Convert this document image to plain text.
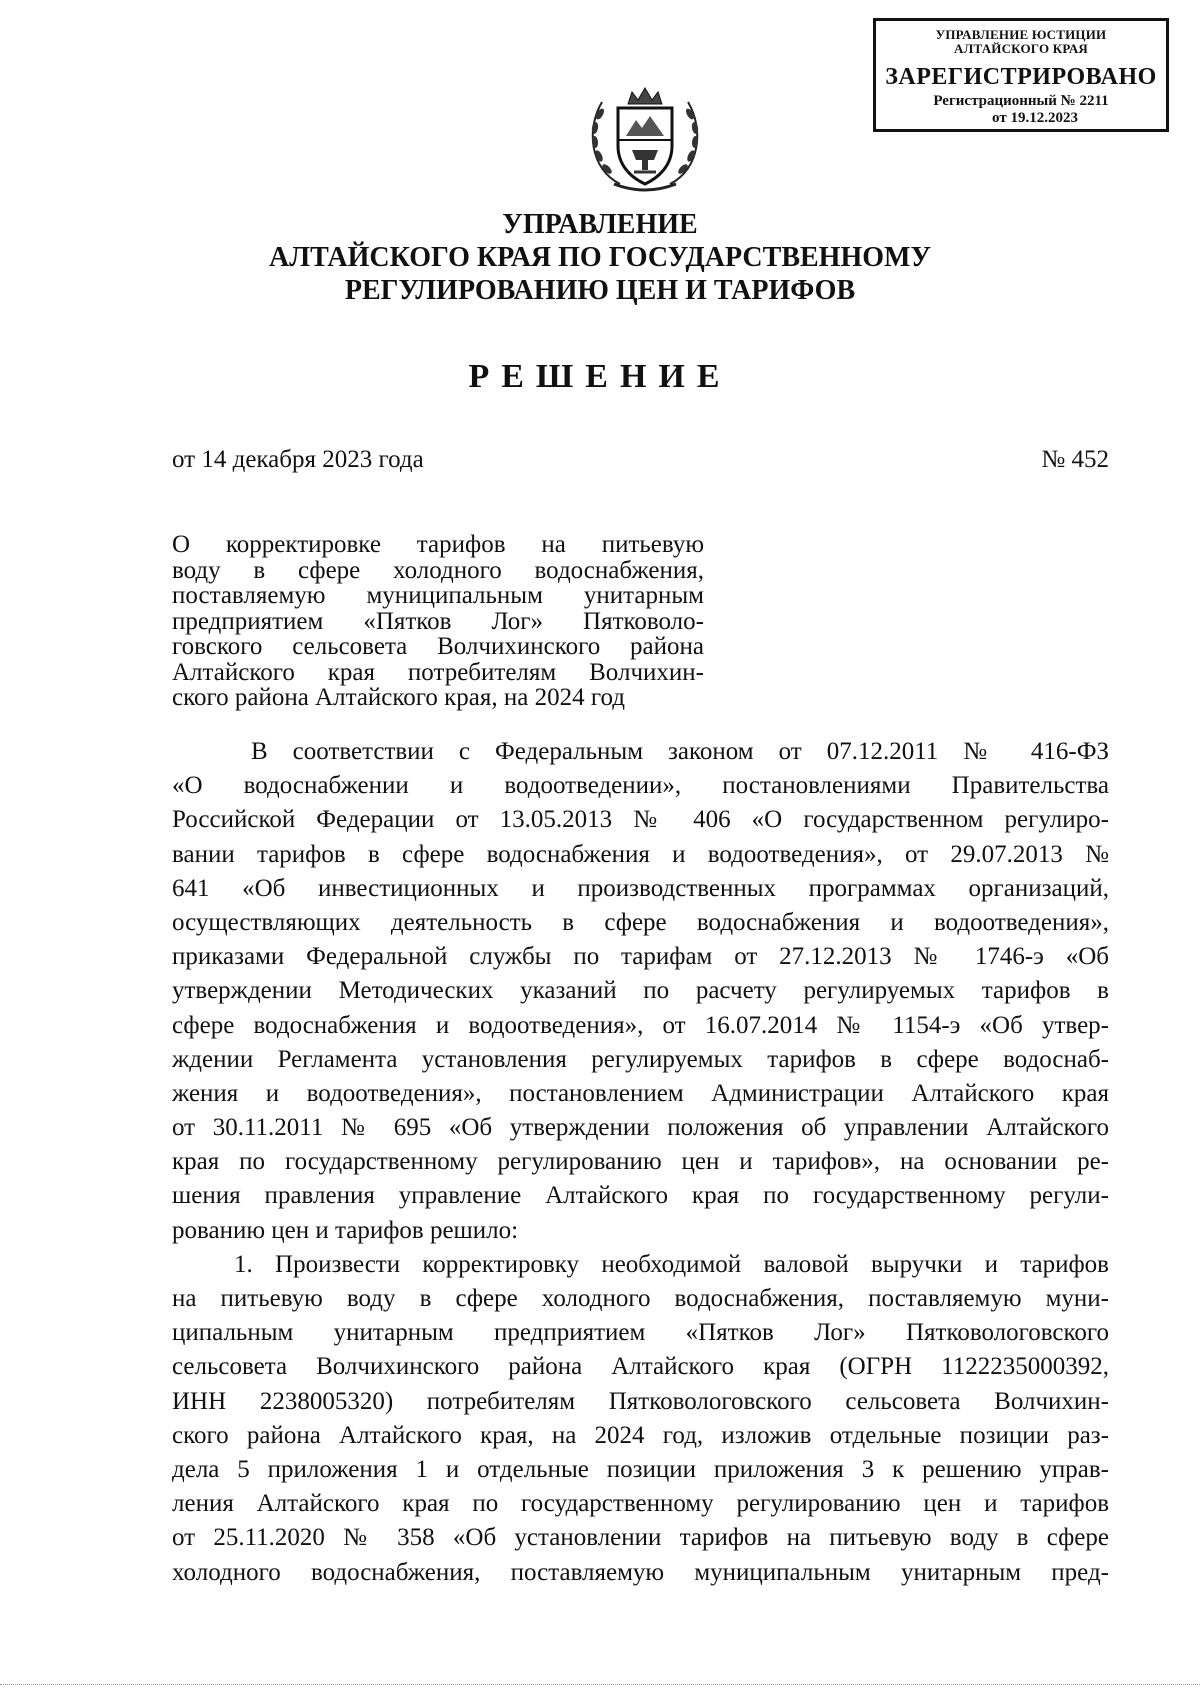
УПРАВЛЕНИЕ ЮСТИЦИИ
АЛТАЙСКОГО КРАЯ
ЗАРЕГИСТРИРОВАНО
Регистрационный № 2211
от 19.12.2023
УПРАВЛЕНИЕ
АЛТАЙСКОГО КРАЯ ПО ГОСУДАРСТВЕННОМУ
РЕГУЛИРОВАНИЮ ЦЕН И ТАРИФОВ
РЕШЕНИЕ
от 14 декабря 2023 года	№ 452
О корректировке тарифов на питьевую
воду в сфере холодного водоснабжения,
поставляемую муниципальным унитарным
предприятием «Пятков Лог» Пятковоло-
говского сельсовета Волчихинского района
Алтайского края потребителям Волчихин-
ского района Алтайского края, на 2024 год
В соответствии с Федеральным законом от 07.12.2011 № 416-ФЗ
«О водоснабжении и водоотведении», постановлениями Правительства
Российской Федерации от 13.05.2013 № 406 «О государственном регулиро-
вании тарифов в сфере водоснабжения и водоотведения», от 29.07.2013 №
641 «Об инвестиционных и производственных программах организаций,
осуществляющих деятельность в сфере водоснабжения и водоотведения»,
приказами Федеральной службы по тарифам от 27.12.2013 № 1746-э «Об
утверждении Методических указаний по расчету регулируемых тарифов в
сфере водоснабжения и водоотведения», от 16.07.2014 № 1154-э «Об утвер-
ждении Регламента установления регулируемых тарифов в сфере водоснаб-
жения и водоотведения», постановлением Администрации Алтайского края
от 30.11.2011 № 695 «Об утверждении положения об управлении Алтайского
края по государственному регулированию цен и тарифов», на основании ре-
шения правления управление Алтайского края по государственному регули-
рованию цен и тарифов решило:
1. Произвести корректировку необходимой валовой выручки и тарифов
на питьевую воду в сфере холодного водоснабжения, поставляемую муни-
ципальным унитарным предприятием «Пятков Лог» Пятковологовского
сельсовета Волчихинского района Алтайского края (ОГРН 1122235000392,
ИНН 2238005320) потребителям Пятковологовского сельсовета Волчихин-
ского района Алтайского края, на 2024 год, изложив отдельные позиции раз-
дела 5 приложения 1 и отдельные позиции приложения 3 к решению управ-
ления Алтайского края по государственному регулированию цен и тарифов
от 25.11.2020 № 358 «Об установлении тарифов на питьевую воду в сфере
холодного водоснабжения, поставляемую муниципальным унитарным пред-
